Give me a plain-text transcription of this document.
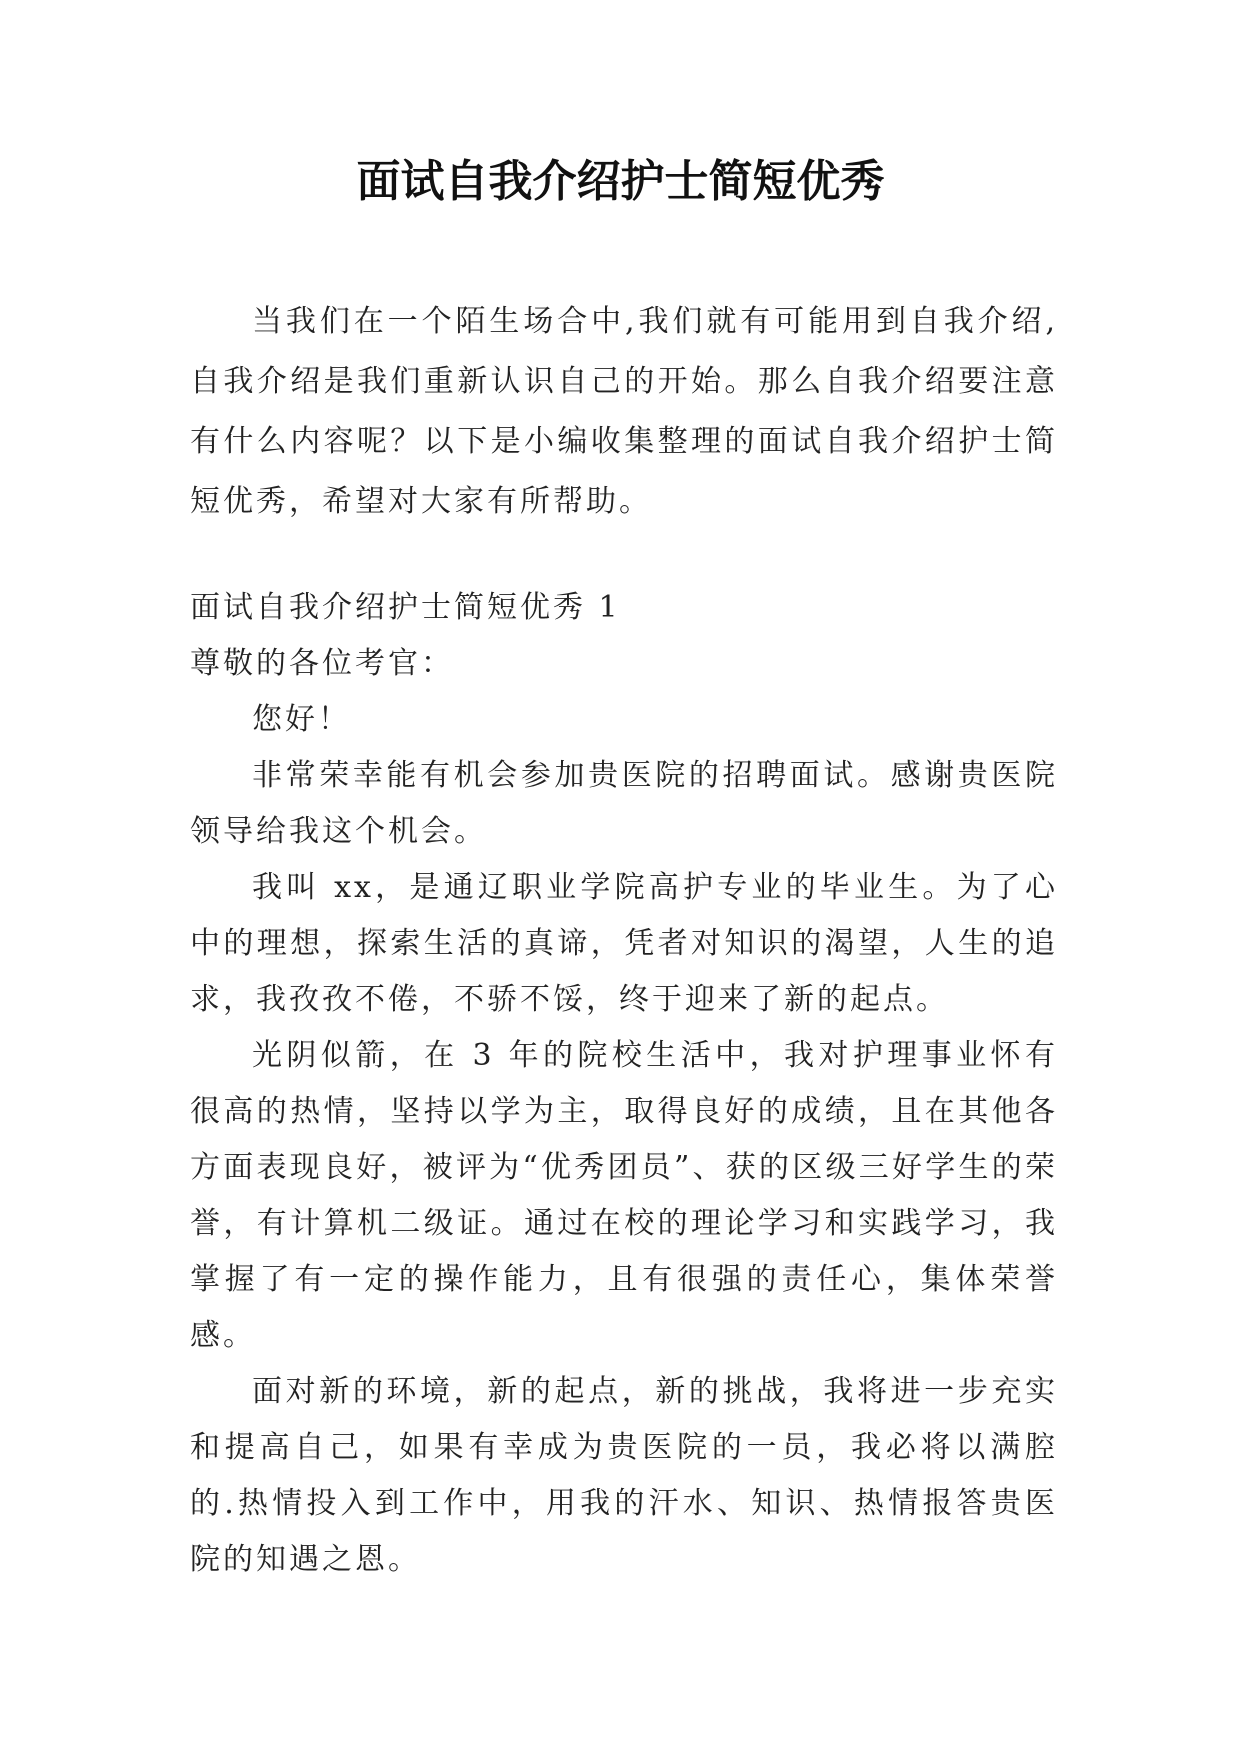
面试自我介绍护士简短优秀

当我们在一个陌生场合中,我们就有可能用到自我介绍,自我介绍是我们重新认识自己的开始。那么自我介绍要注意有什么内容呢？以下是小编收集整理的面试自我介绍护士简短优秀，希望对大家有所帮助。

面试自我介绍护士简短优秀 1

尊敬的各位考官：

您好！

非常荣幸能有机会参加贵医院的招聘面试。感谢贵医院领导给我这个机会。

我叫 xx，是通辽职业学院高护专业的毕业生。为了心中的理想，探索生活的真谛，凭者对知识的渴望，人生的追求，我孜孜不倦，不骄不馁，终于迎来了新的起点。

光阴似箭，在 3 年的院校生活中，我对护理事业怀有很高的热情，坚持以学为主，取得良好的成绩，且在其他各方面表现良好，被评为“优秀团员”、获的区级三好学生的荣誉，有计算机二级证。通过在校的理论学习和实践学习，我掌握了有一定的操作能力，且有很强的责任心，集体荣誉感。

面对新的环境，新的起点，新的挑战，我将进一步充实和提高自己，如果有幸成为贵医院的一员，我必将以满腔的.热情投入到工作中，用我的汗水、知识、热情报答贵医院的知遇之恩。
